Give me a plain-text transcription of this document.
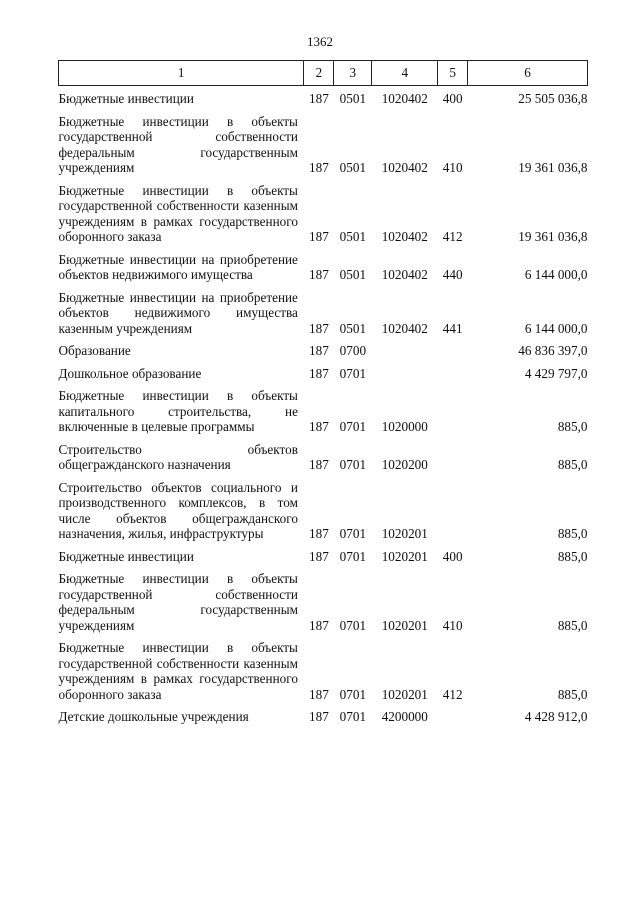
1362
1	2	3	4	5	6
Бюджетные инвестиции	187	0501	1020402	400	25 505 036,8
Бюджетные инвестиции в объекты государственной собственности федеральным государственным учреждениям	187	0501	1020402	410	19 361 036,8
Бюджетные инвестиции в объекты государственной собственности казенным учреждениям в рамках государственного оборонного заказа	187	0501	1020402	412	19 361 036,8
Бюджетные инвестиции на приобретение объектов недвижимого имущества	187	0501	1020402	440	6 144 000,0
Бюджетные инвестиции на приобретение объектов недвижимого имущества казенным учреждениям	187	0501	1020402	441	6 144 000,0
Образование	187	0700			46 836 397,0
Дошкольное образование	187	0701			4 429 797,0
Бюджетные инвестиции в объекты капитального строительства, не включенные в целевые программы	187	0701	1020000		885,0
Строительство объектов общегражданского назначения	187	0701	1020200		885,0
Строительство объектов социального и производственного комплексов, в том числе объектов общегражданского назначения, жилья, инфраструктуры	187	0701	1020201		885,0
Бюджетные инвестиции	187	0701	1020201	400	885,0
Бюджетные инвестиции в объекты государственной собственности федеральным государственным учреждениям	187	0701	1020201	410	885,0
Бюджетные инвестиции в объекты государственной собственности казенным учреждениям в рамках государственного оборонного заказа	187	0701	1020201	412	885,0
Детские дошкольные учреждения	187	0701	4200000		4 428 912,0
